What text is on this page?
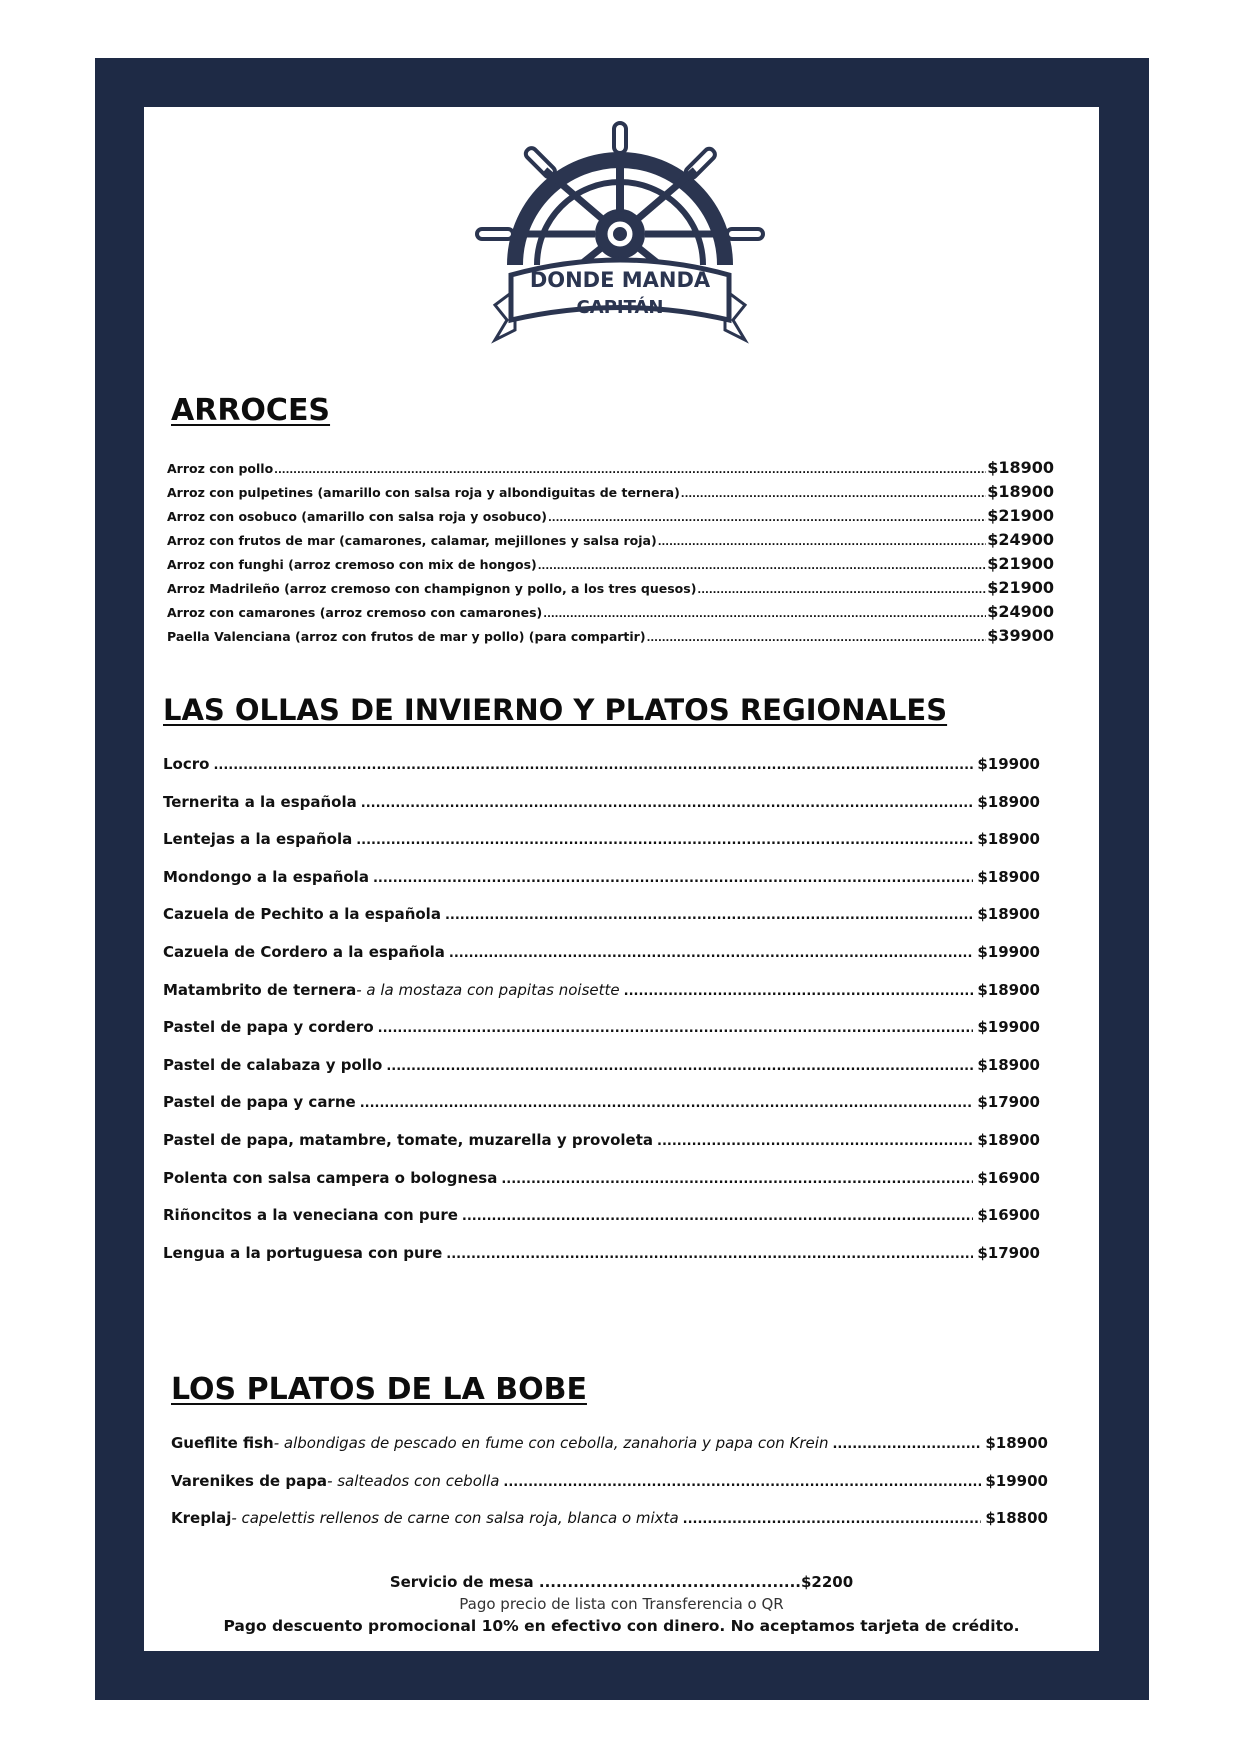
DONDE MANDA
CAPITÁN
ARROCES
Arroz con pollo .....	$18900
Arroz con pulpetines (amarillo con salsa roja y albondiguitas de ternera) .....	$18900
Arroz con osobuco (amarillo con salsa roja y osobuco) .....	$21900
Arroz con frutos de mar (camarones, calamar, mejillones y salsa roja) .....	$24900
Arroz con funghi (arroz cremoso con mix de hongos) .....	$21900
Arroz Madrileño (arroz cremoso con champignon y pollo, a los tres quesos) .....	$21900
Arroz con camarones (arroz cremoso con camarones) .....	$24900
Paella Valenciana (arroz con frutos de mar y pollo) (para compartir) .....	$39900
LAS OLLAS DE INVIERNO Y PLATOS REGIONALES
Locro .....	$19900
Ternerita a la española .....	$18900
Lentejas a la española .....	$18900
Mondongo a la española .....	$18900
Cazuela de Pechito a la española .....	$18900
Cazuela de Cordero a la española .....	$19900
Matambrito de ternera - a la mostaza con papitas noisette .....	$18900
Pastel de papa y cordero .....	$19900
Pastel de calabaza y pollo .....	$18900
Pastel de papa y carne .....	$17900
Pastel de papa, matambre, tomate, muzarella y provoleta .....	$18900
Polenta con salsa campera o bolognesa .....	$16900
Riñoncitos a la veneciana con pure .....	$16900
Lengua a la portuguesa con pure .....	$17900
LOS PLATOS DE LA BOBE
Gueflite fish - albondigas de pescado en fume con cebolla, zanahoria y papa con Krein .....	$18900
Varenikes de papa - salteados con cebolla .....	$19900
Kreplaj - capelettis rellenos de carne con salsa roja, blanca o mixta .....	$18800
Servicio de mesa ..............................................$2200
Pago precio de lista con Transferencia o QR
Pago descuento promocional 10% en efectivo con dinero. No aceptamos tarjeta de crédito.
